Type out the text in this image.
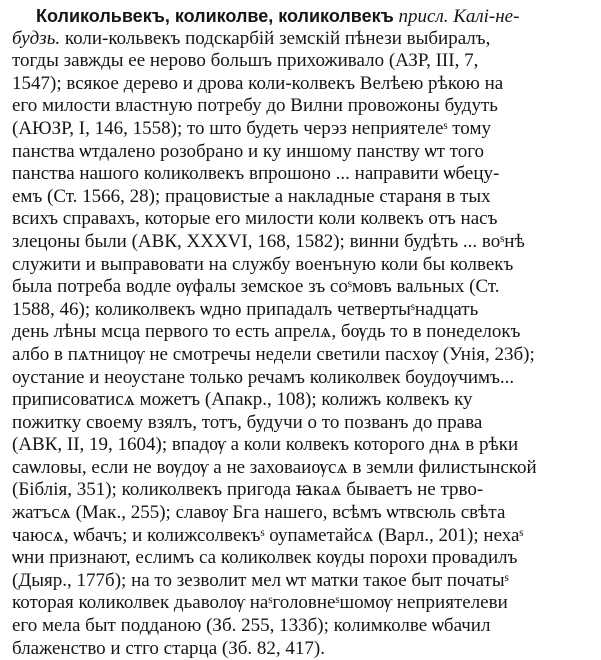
Коликольвекъ, коликолве, коликолвекъ присл. Калі-не-
будзь. коли-кольвекъ подскарбій земскій пѣнези выбиралъ,
тогды завжды ее нерово большъ прихоживало (АЗР, III, 7,
1547); всякое дерево и дрова коли-колвекъ Велѣею рѣкою на
его милости властную потребу до Вилни провожоны будуть
(АЮЗР, I, 146, 1558); то што будеть черэз неприятелеˢ тому
панства ѡтдалено розобрано и ку иншому панству ѡт того
панства нашого коликолвекъ впрошоно ... направити ѡбецу-
емъ (Ст. 1566, 28); працовистые а накладные стараня в тых
всихъ справахъ, которые его милости коли колвекъ отъ насъ
злецоны были (АВК, XXXVI, 168, 1582); винни будѣть ... воˢнѣ
служити и выправовати на службу военъную коли бы колвекъ
была потреба водле ѹфалы земское зъ соˢмовъ вальных (Ст.
1588, 46); коликолвекъ ѡдно припадалъ четвертыˢнадцать
день лѣны мсца первого то есть апрелѧ, бѹдь то в понеделокъ
албо в пѧтницѹ не смотречы недели светили пасхѹ (Унія, 23б);
оустание и неоустане только речамъ коликолвек боудѹчимъ...
приписоватисѧ можетъ (Апакр., 108); колижъ колвекъ ку
пожитку своему взялъ, тотъ, будучи о то позванъ до права
(АВК, II, 19, 1604); впадѹ а коли колвекъ которого днѧ в рѣки
саѡловы, если не вѹдѹ а не заховаиѹсѧ в земли филистынской
(Біблія, 351); коликолвекъ пригода ꙗкаѧ бываетъ не трво-
жатъсѧ (Мак., 255); славѹ Бга нашего, всѣмъ ѡтвсюль свѣта
чаюсѧ, ѡбачъ; и колижсолвекъˢ оупаметайсѧ (Варл., 201); нехаˢ
ѡни признают, еслимъ са коликолвек кѹды порохи провадилъ
(Дыяр., 177б); на то зезволит мел ѡт матки такое быт початыˢ
которая коликолвек дьаволѹ наˢголовнеˢшомѹ неприятелеви
его мела быт подданою (Зб. 255, 133б); колимколве ѡбачил
блаженство и стго старца (Зб. 82, 417).
